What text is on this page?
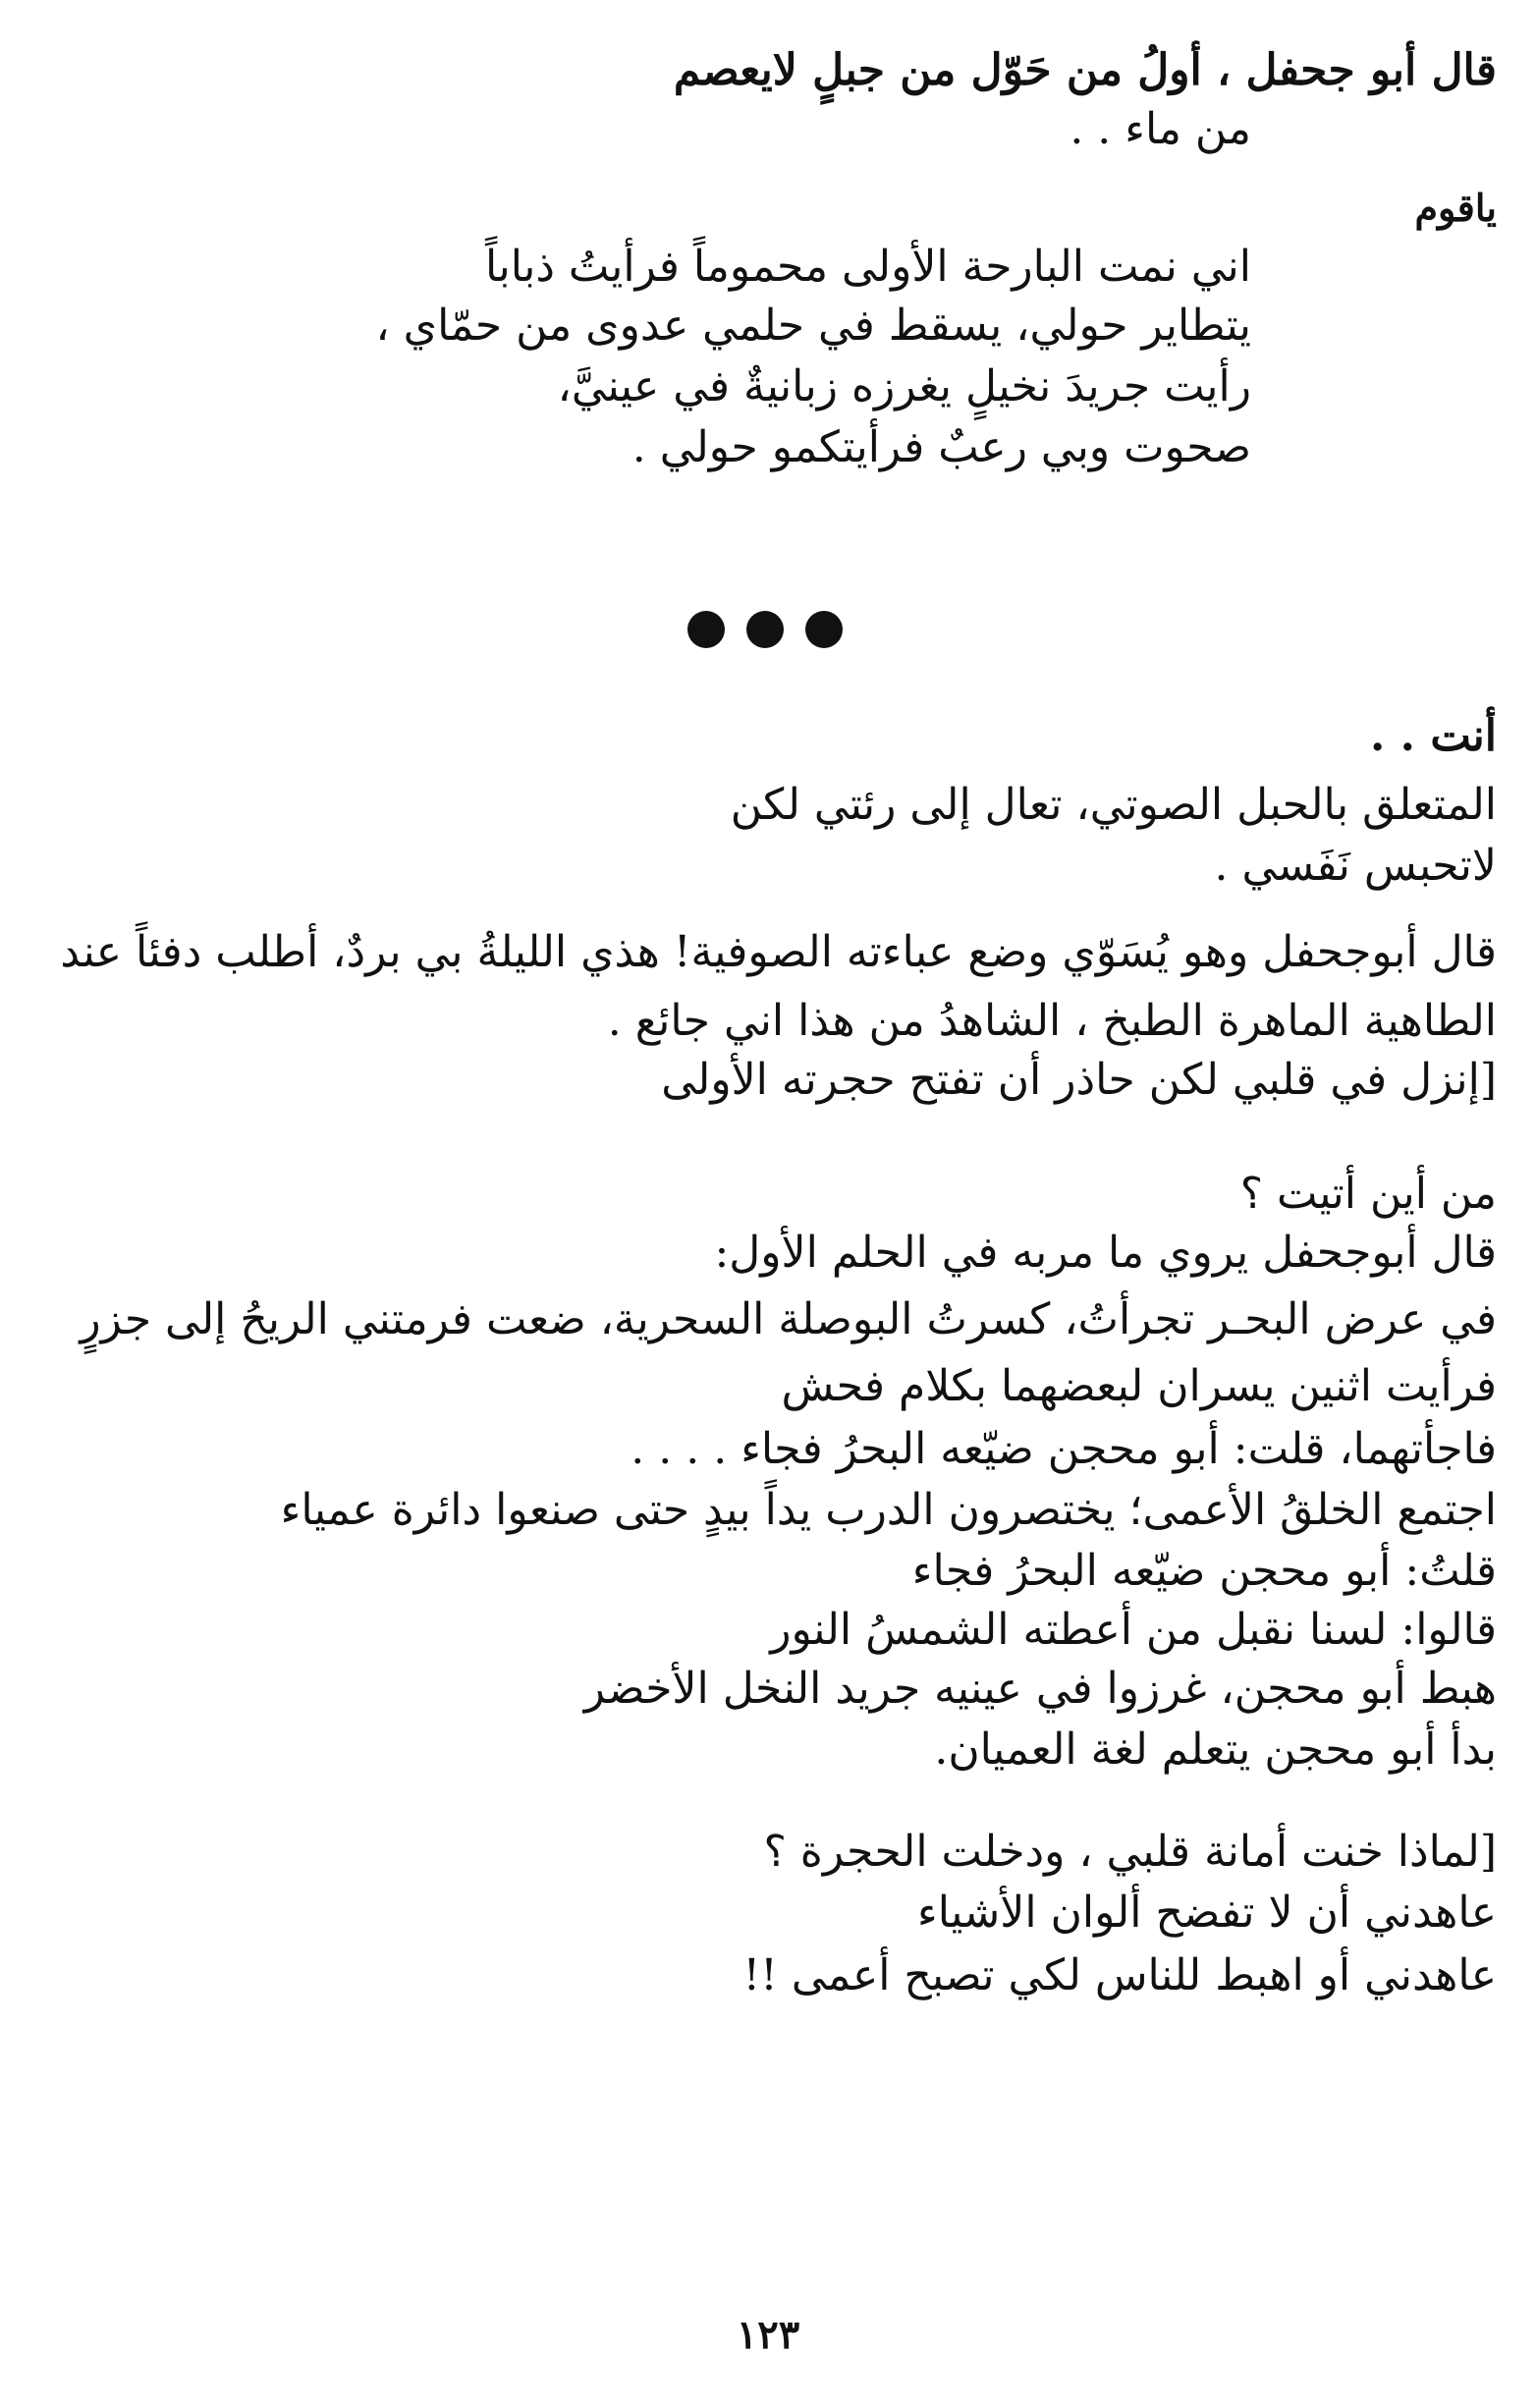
قال أبو جحفل ، أولُ من حَوّل من جبلٍ لايعصم
من ماء . .
ياقوم
اني نمت البارحة الأولى محموماً فرأيتُ ذباباً
يتطاير حولي، يسقط في حلمي عدوى من حمّاي ،
رأيت جريدَ نخيلٍ يغرزه زبانيةٌ في عينيَّ،
صحوت وبي رعبٌ فرأيتكمو حولي .
أنت . .
المتعلق بالحبل الصوتي، تعال إلى رئتي لكن
لاتحبس نَفَسي .
قال أبوجحفل وهو يُسَوّي وضع عباءته الصوفية! هذي الليلةُ بي بردٌ، أطلب دفئاً عند
الطاهية الماهرة الطبخ ، الشاهدُ من هذا اني جائع .
[إنزل في قلبي لكن حاذر أن تفتح حجرته الأولى
من أين أتيت ؟
قال أبوجحفل يروي ما مربه في الحلم الأول:
في عرض البحـر تجرأتُ، كسرتُ البوصلة السحرية، ضعت فرمتني الريحُ إلى جزرٍ
فرأيت اثنين يسران لبعضهما بكلام فحش
فاجأتهما، قلت: أبو محجن ضيّعه البحرُ فجاء . . . .
اجتمع الخلقُ الأعمى؛ يختصرون الدرب يداً بيدٍ حتى صنعوا دائرة عمياء
قلتُ: أبو محجن ضيّعه البحرُ فجاء
قالوا: لسنا نقبل من أعطته الشمسُ النور
هبط أبو محجن، غرزوا في عينيه جريد النخل الأخضر
بدأ أبو محجن يتعلم لغة العميان.
[لماذا خنت أمانة قلبي ، ودخلت الحجرة ؟
عاهدني أن لا تفضح ألوان الأشياء
عاهدني أو اهبط للناس لكي تصبح أعمى !!
١٢٣
